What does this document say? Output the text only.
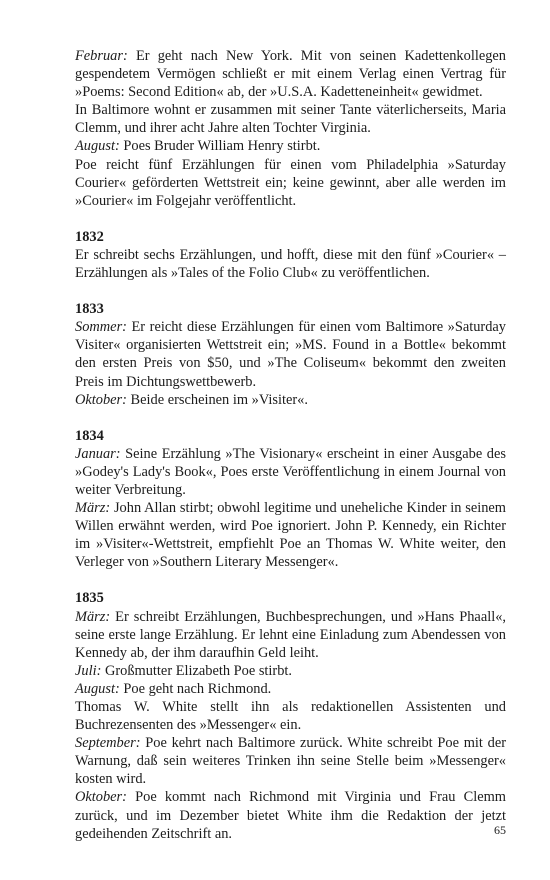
Februar: Er geht nach New York. Mit von seinen Kadettenkollegen gespendetem Vermögen schließt er mit einem Verlag einen Vertrag für »Poems: Second Edition« ab, der »U.S.A. Kadetteneinheit« gewidmet.

In Baltimore wohnt er zusammen mit seiner Tante väterlicherseits, Maria Clemm, und ihrer acht Jahre alten Tochter Virginia.

August: Poes Bruder William Henry stirbt.

Poe reicht fünf Erzählungen für einen vom Philadelphia »Saturday Courier« geförderten Wettstreit ein; keine gewinnt, aber alle werden im »Courier« im Folgejahr veröffentlicht.

1832

Er schreibt sechs Erzählungen, und hofft, diese mit den fünf »Courier« –Erzählungen als »Tales of the Folio Club« zu veröffentlichen.

1833

Sommer: Er reicht diese Erzählungen für einen vom Baltimore »Saturday Visiter« organisierten Wettstreit ein; »MS. Found in a Bottle« bekommt den ersten Preis von $50, und »The Coliseum« bekommt den zweiten Preis im Dichtungswettbewerb.

Oktober: Beide erscheinen im »Visiter«.

1834

Januar: Seine Erzählung »The Visionary« erscheint in einer Ausgabe des »Godey's Lady's Book«, Poes erste Veröffentlichung in einem Journal von weiter Verbreitung.

März: John Allan stirbt; obwohl legitime und uneheliche Kinder in seinem Willen erwähnt werden, wird Poe ignoriert. John P. Kennedy, ein Richter im »Visiter«-Wettstreit, empfiehlt Poe an Thomas W. White weiter, den Verleger von »Southern Literary Messenger«.

1835

März: Er schreibt Erzählungen, Buchbesprechungen, und »Hans Phaall«, seine erste lange Erzählung. Er lehnt eine Einladung zum Abendessen von Kennedy ab, der ihm daraufhin Geld leiht.

Juli: Großmutter Elizabeth Poe stirbt.

August: Poe geht nach Richmond.

Thomas W. White stellt ihn als redaktionellen Assistenten und Buchrezensenten des »Messenger« ein.

September: Poe kehrt nach Baltimore zurück. White schreibt Poe mit der Warnung, daß sein weiteres Trinken ihn seine Stelle beim »Messenger« kosten wird.

Oktober: Poe kommt nach Richmond mit Virginia und Frau Clemm zurück, und im Dezember bietet White ihm die Redaktion der jetzt gedeihenden Zeitschrift an.	65
